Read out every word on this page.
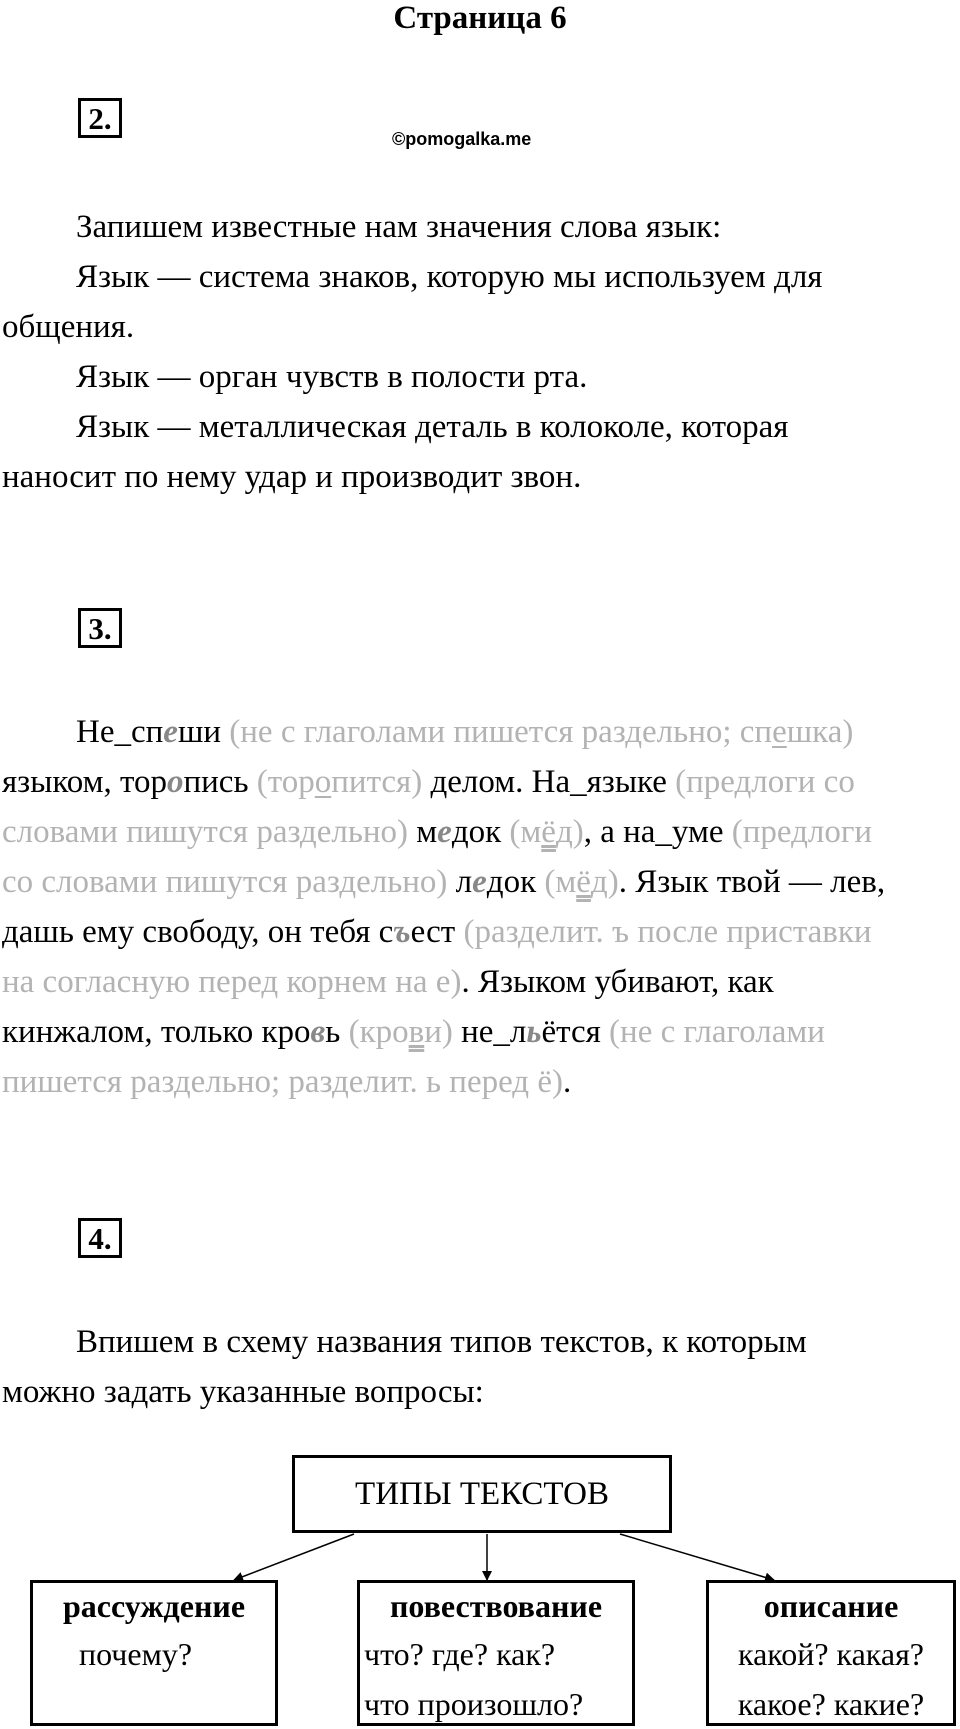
Страница 6
2.
©pomogalka.me
Запишем известные нам значения слова язык:
Язык — система знаков, которую мы используем для
общения.
Язык — орган чувств в полости рта.
Язык — металлическая деталь в колоколе, которая
наносит по нему удар и производит звон.
3.
Не_спеши (не с глаголами пишется раздельно; спешка)
языком, торопись (торопится) делом. На_языке (предлоги со
словами пишутся раздельно) медок (мёд), а на_уме (предлоги
со словами пишутся раздельно) ледок (мёд). Язык твой — лев,
дашь ему свободу, он тебя съест (разделит. ъ после приставки
на согласную перед корнем на е). Языком убивают, как
кинжалом, только кровь (крови) не_льётся (не с глаголами
пишется раздельно; разделит. ь перед ё).
4.
Впишем в схему названия типов текстов, к которым
можно задать указанные вопросы:
ТИПЫ ТЕКСТОВ
рассуждение
почему?
повествование
что? где? как?
что произошло?
описание
какой? какая?
какое? какие?
